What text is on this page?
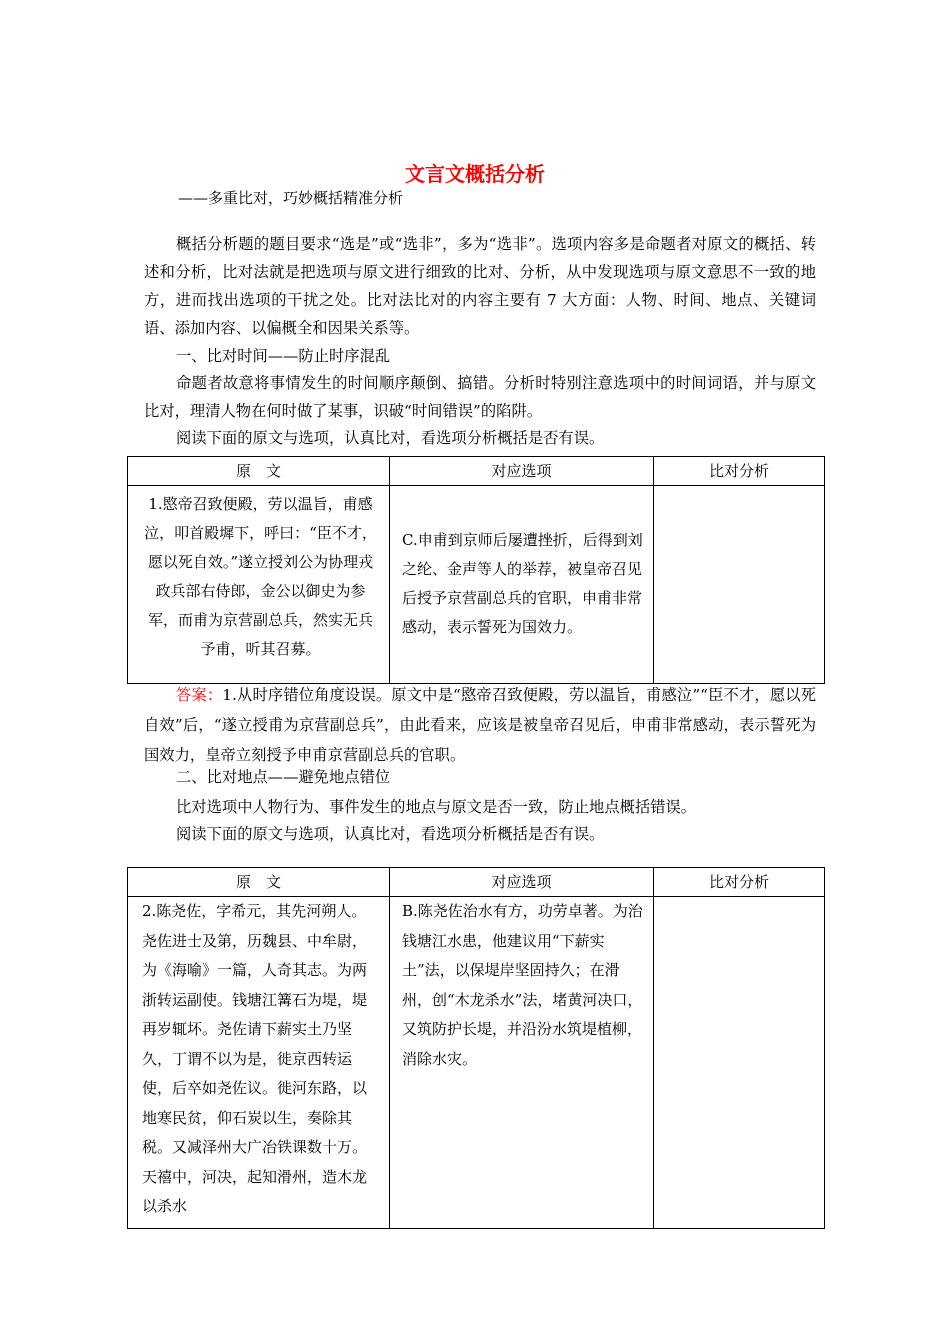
文言文概括分析
——多重比对，巧妙概括精准分析

概括分析题的题目要求“选是”或“选非”，多为“选非”。选项内容多是命题者对原文的概括、转述和分析，比对法就是把选项与原文进行细致的比对、分析，从中发现选项与原文意思不一致的地方，进而找出选项的干扰之处。比对法比对的内容主要有 7 大方面：人物、时间、地点、关键词语、添加内容、以偏概全和因果关系等。

一、比对时间——防止时序混乱

命题者故意将事情发生的时间顺序颠倒、搞错。分析时特别注意选项中的时间词语，并与原文比对，理清人物在何时做了某事，识破“时间错误”的陷阱。

阅读下面的原文与选项，认真比对，看选项分析概括是否有误。
原　文	对应选项	比对分析
1.愍帝召致便殿，劳以温旨，甫感泣，叩首殿墀下，呼曰：“臣不才，愿以死自效。”遂立授刘公为协理戎政兵部右侍郎，金公以御史为参军，而甫为京营副总兵，然实无兵予甫，听其召募。	C.申甫到京师后屡遭挫折，后得到刘之纶、金声等人的举荐，被皇帝召见后授予京营副总兵的官职，申甫非常感动，表示誓死为国效力。	

答案：1.从时序错位角度设误。原文中是“愍帝召致便殿，劳以温旨，甫感泣”“臣不才，愿以死自效”后，“遂立授甫为京营副总兵”，由此看来，应该是被皇帝召见后，申甫非常感动，表示誓死为国效力，皇帝立刻授予申甫京营副总兵的官职。

二、比对地点——避免地点错位
比对选项中人物行为、事件发生的地点与原文是否一致，防止地点概括错误。
阅读下面的原文与选项，认真比对，看选项分析概括是否有误。
原　文	对应选项	比对分析
2.陈尧佐，字希元，其先河朔人。尧佐进士及第，历魏县、中牟尉，为《海喻》一篇，人奇其志。为两浙转运副使。钱塘江篝石为堤，堤再岁辄坏。尧佐请下薪实土乃坚久，丁谓不以为是，徙京西转运使，后卒如尧佐议。徙河东路，以地寒民贫，仰石炭以生，奏除其税。又减泽州大广冶铁课数十万。天禧中，河决，起知滑州，造木龙以杀水	B.陈尧佐治水有方，功劳卓著。为治钱塘江水患，他建议用“下薪实土”法，以保堤岸坚固持久；在滑州，创“木龙杀水”法，堵黄河决口，又筑防护长堤，并沿汾水筑堤植柳，消除水灾。	
